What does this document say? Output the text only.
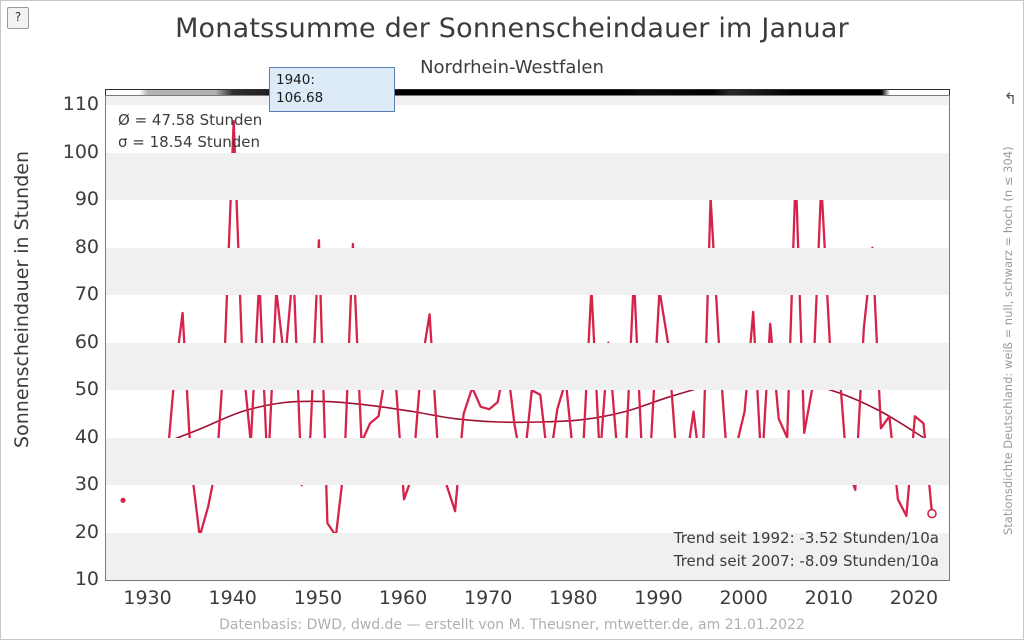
?	Monatssumme der Sonnenscheindauer im Januar
Nordrhein-Westfalen
↰
Stationsdichte Deutschland: weiß = null, schwarz = hoch (n ≤ 304)
Sonnenscheindauer in Stunden
10
20
30
40
50
60
70
80
90
100
110
1930 1940 1950 1960 1970 1980 1990 2000 2010 2020
Ø = 47.58 Stunden
σ = 18.54 Stunden
Trend seit 1992: -3.52 Stunden/10a
Trend seit 2007: -8.09 Stunden/10a
1940:
106.68
Datenbasis: DWD, dwd.de — erstellt von M. Theusner, mtwetter.de, am 21.01.2022
